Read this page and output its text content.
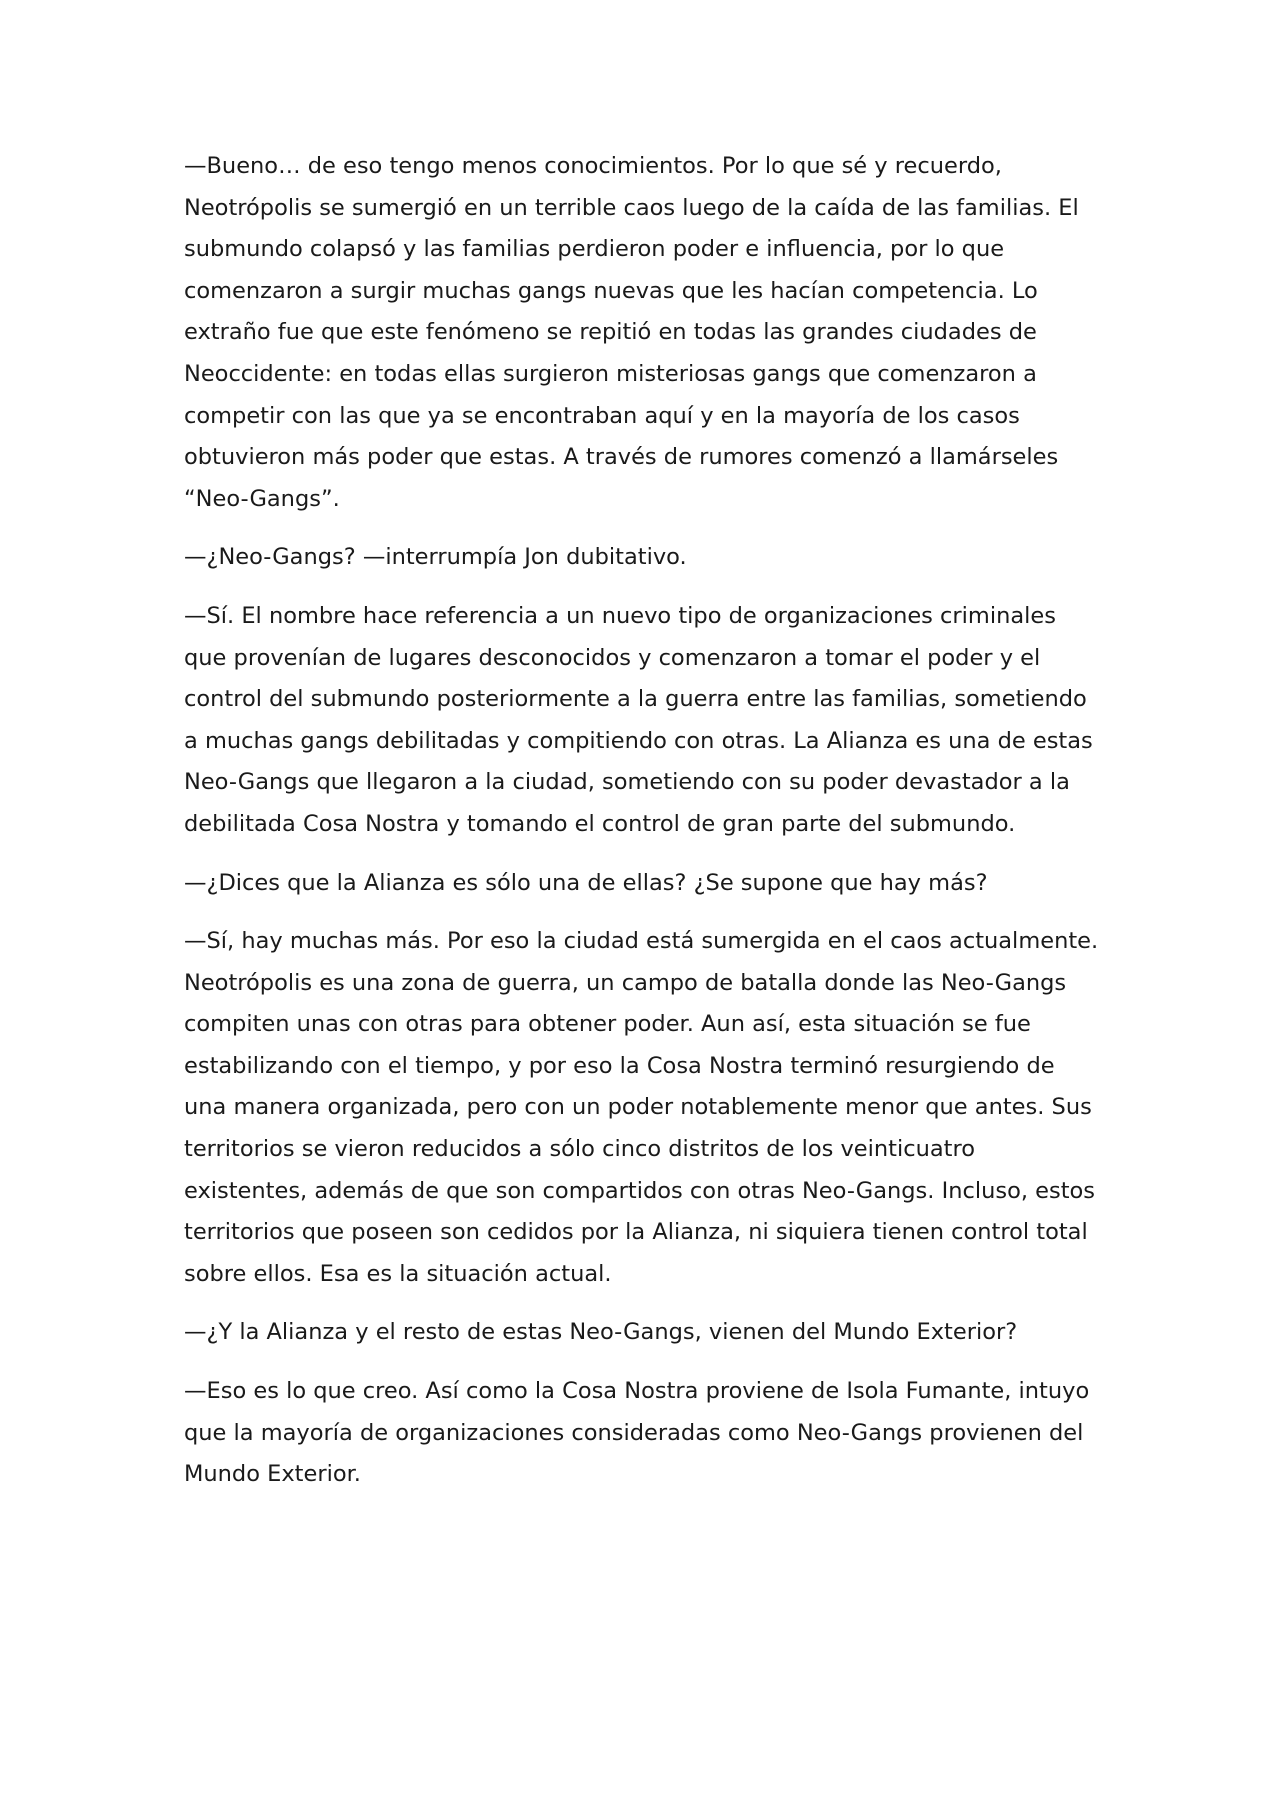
—Bueno… de eso tengo menos conocimientos. Por lo que sé y recuerdo, Neotrópolis se sumergió en un terrible caos luego de la caída de las familias. El submundo colapsó y las familias perdieron poder e influencia, por lo que comenzaron a surgir muchas gangs nuevas que les hacían competencia. Lo extraño fue que este fenómeno se repitió en todas las grandes ciudades de Neoccidente: en todas ellas surgieron misteriosas gangs que comenzaron a competir con las que ya se encontraban aquí y en la mayoría de los casos obtuvieron más poder que estas. A través de rumores comenzó a llamárseles “Neo-Gangs”.

—¿Neo-Gangs? —interrumpía Jon dubitativo.

—Sí. El nombre hace referencia a un nuevo tipo de organizaciones criminales que provenían de lugares desconocidos y comenzaron a tomar el poder y el control del submundo posteriormente a la guerra entre las familias, sometiendo a muchas gangs debilitadas y compitiendo con otras. La Alianza es una de estas Neo-Gangs que llegaron a la ciudad, sometiendo con su poder devastador a la debilitada Cosa Nostra y tomando el control de gran parte del submundo.

—¿Dices que la Alianza es sólo una de ellas? ¿Se supone que hay más?

—Sí, hay muchas más. Por eso la ciudad está sumergida en el caos actualmente. Neotrópolis es una zona de guerra, un campo de batalla donde las Neo-Gangs compiten unas con otras para obtener poder. Aun así, esta situación se fue estabilizando con el tiempo, y por eso la Cosa Nostra terminó resurgiendo de una manera organizada, pero con un poder notablemente menor que antes. Sus territorios se vieron reducidos a sólo cinco distritos de los veinticuatro existentes, además de que son compartidos con otras Neo-Gangs. Incluso, estos territorios que poseen son cedidos por la Alianza, ni siquiera tienen control total sobre ellos. Esa es la situación actual.

—¿Y la Alianza y el resto de estas Neo-Gangs, vienen del Mundo Exterior?

—Eso es lo que creo. Así como la Cosa Nostra proviene de Isola Fumante, intuyo que la mayoría de organizaciones consideradas como Neo-Gangs provienen del Mundo Exterior.
